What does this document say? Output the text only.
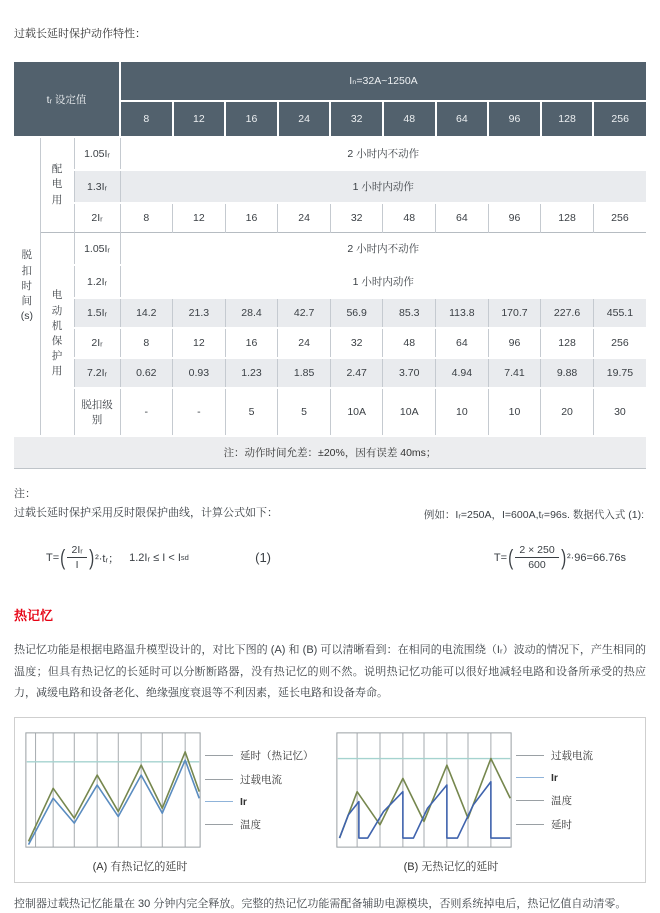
过载长延时保护动作特性：

tᵣ 设定值			Iₙ=32A~1250A									
			8	12	16	24	32	48	64	96	128	256

脱扣时间(s)	配电用	1.05Iᵣ	2 小时内不动作									
		1.3Iᵣ	1 小时内动作									
		2Iᵣ	8	12	16	24	32	48	64	96	128	256

	电动机保护用	1.05Iᵣ	2 小时内不动作									
		1.2Iᵣ	1 小时内动作									
		1.5Iᵣ	14.2	21.3	28.4	42.7	56.9	85.3	113.8	170.7	227.6	455.1
		2Iᵣ	8	12	16	24	32	48	64	96	128	256
		7.2Iᵣ	0.62	0.93	1.23	1.85	2.47	3.70	4.94	7.41	9.88	19.75
		脱扣级别	-	-	5	5	10A	10A	10	10	20	30
注：动作时间允差：±20%，因有误差 40ms；												
注：
过载长延时保护采用反时限保护曲线，计算公式如下：	例如：Iᵣ=250A，I=600A,tᵣ=96s. 数据代入式 (1):
T= ( $\frac{\text{2Iᵣ}}{I}$ ) ²·tᵣ； 1.2Iᵣ ≤ I < I sd	(1)	T= ( $\frac{2 \times 250}{600}$ ) ²·96=66.76s
热记忆

热记忆功能是根据电路温升模型设计的，对比下图的 (A) 和 (B) 可以清晰看到：在相同的电流围绕（Iᵣ）波动的情况下，产生相同的温度；但具有热记忆的长延时可以分断断路器，没有热记忆的则不然。说明热记忆功能可以很好地减轻电路和设备所承受的热应力，减缓电路和设备老化、绝缘强度衰退等不利因素，延长电路和设备寿命。

延时（热记忆）
过载电流
Ir
温度
(A) 有热记忆的延时
过载电流
Ir
温度
延时
(B) 无热记忆的延时

控制器过载热记忆能量在 30 分钟内完全释放。完整的热记忆功能需配备辅助电源模块，否则系统掉电后，热记忆值自动清零。
